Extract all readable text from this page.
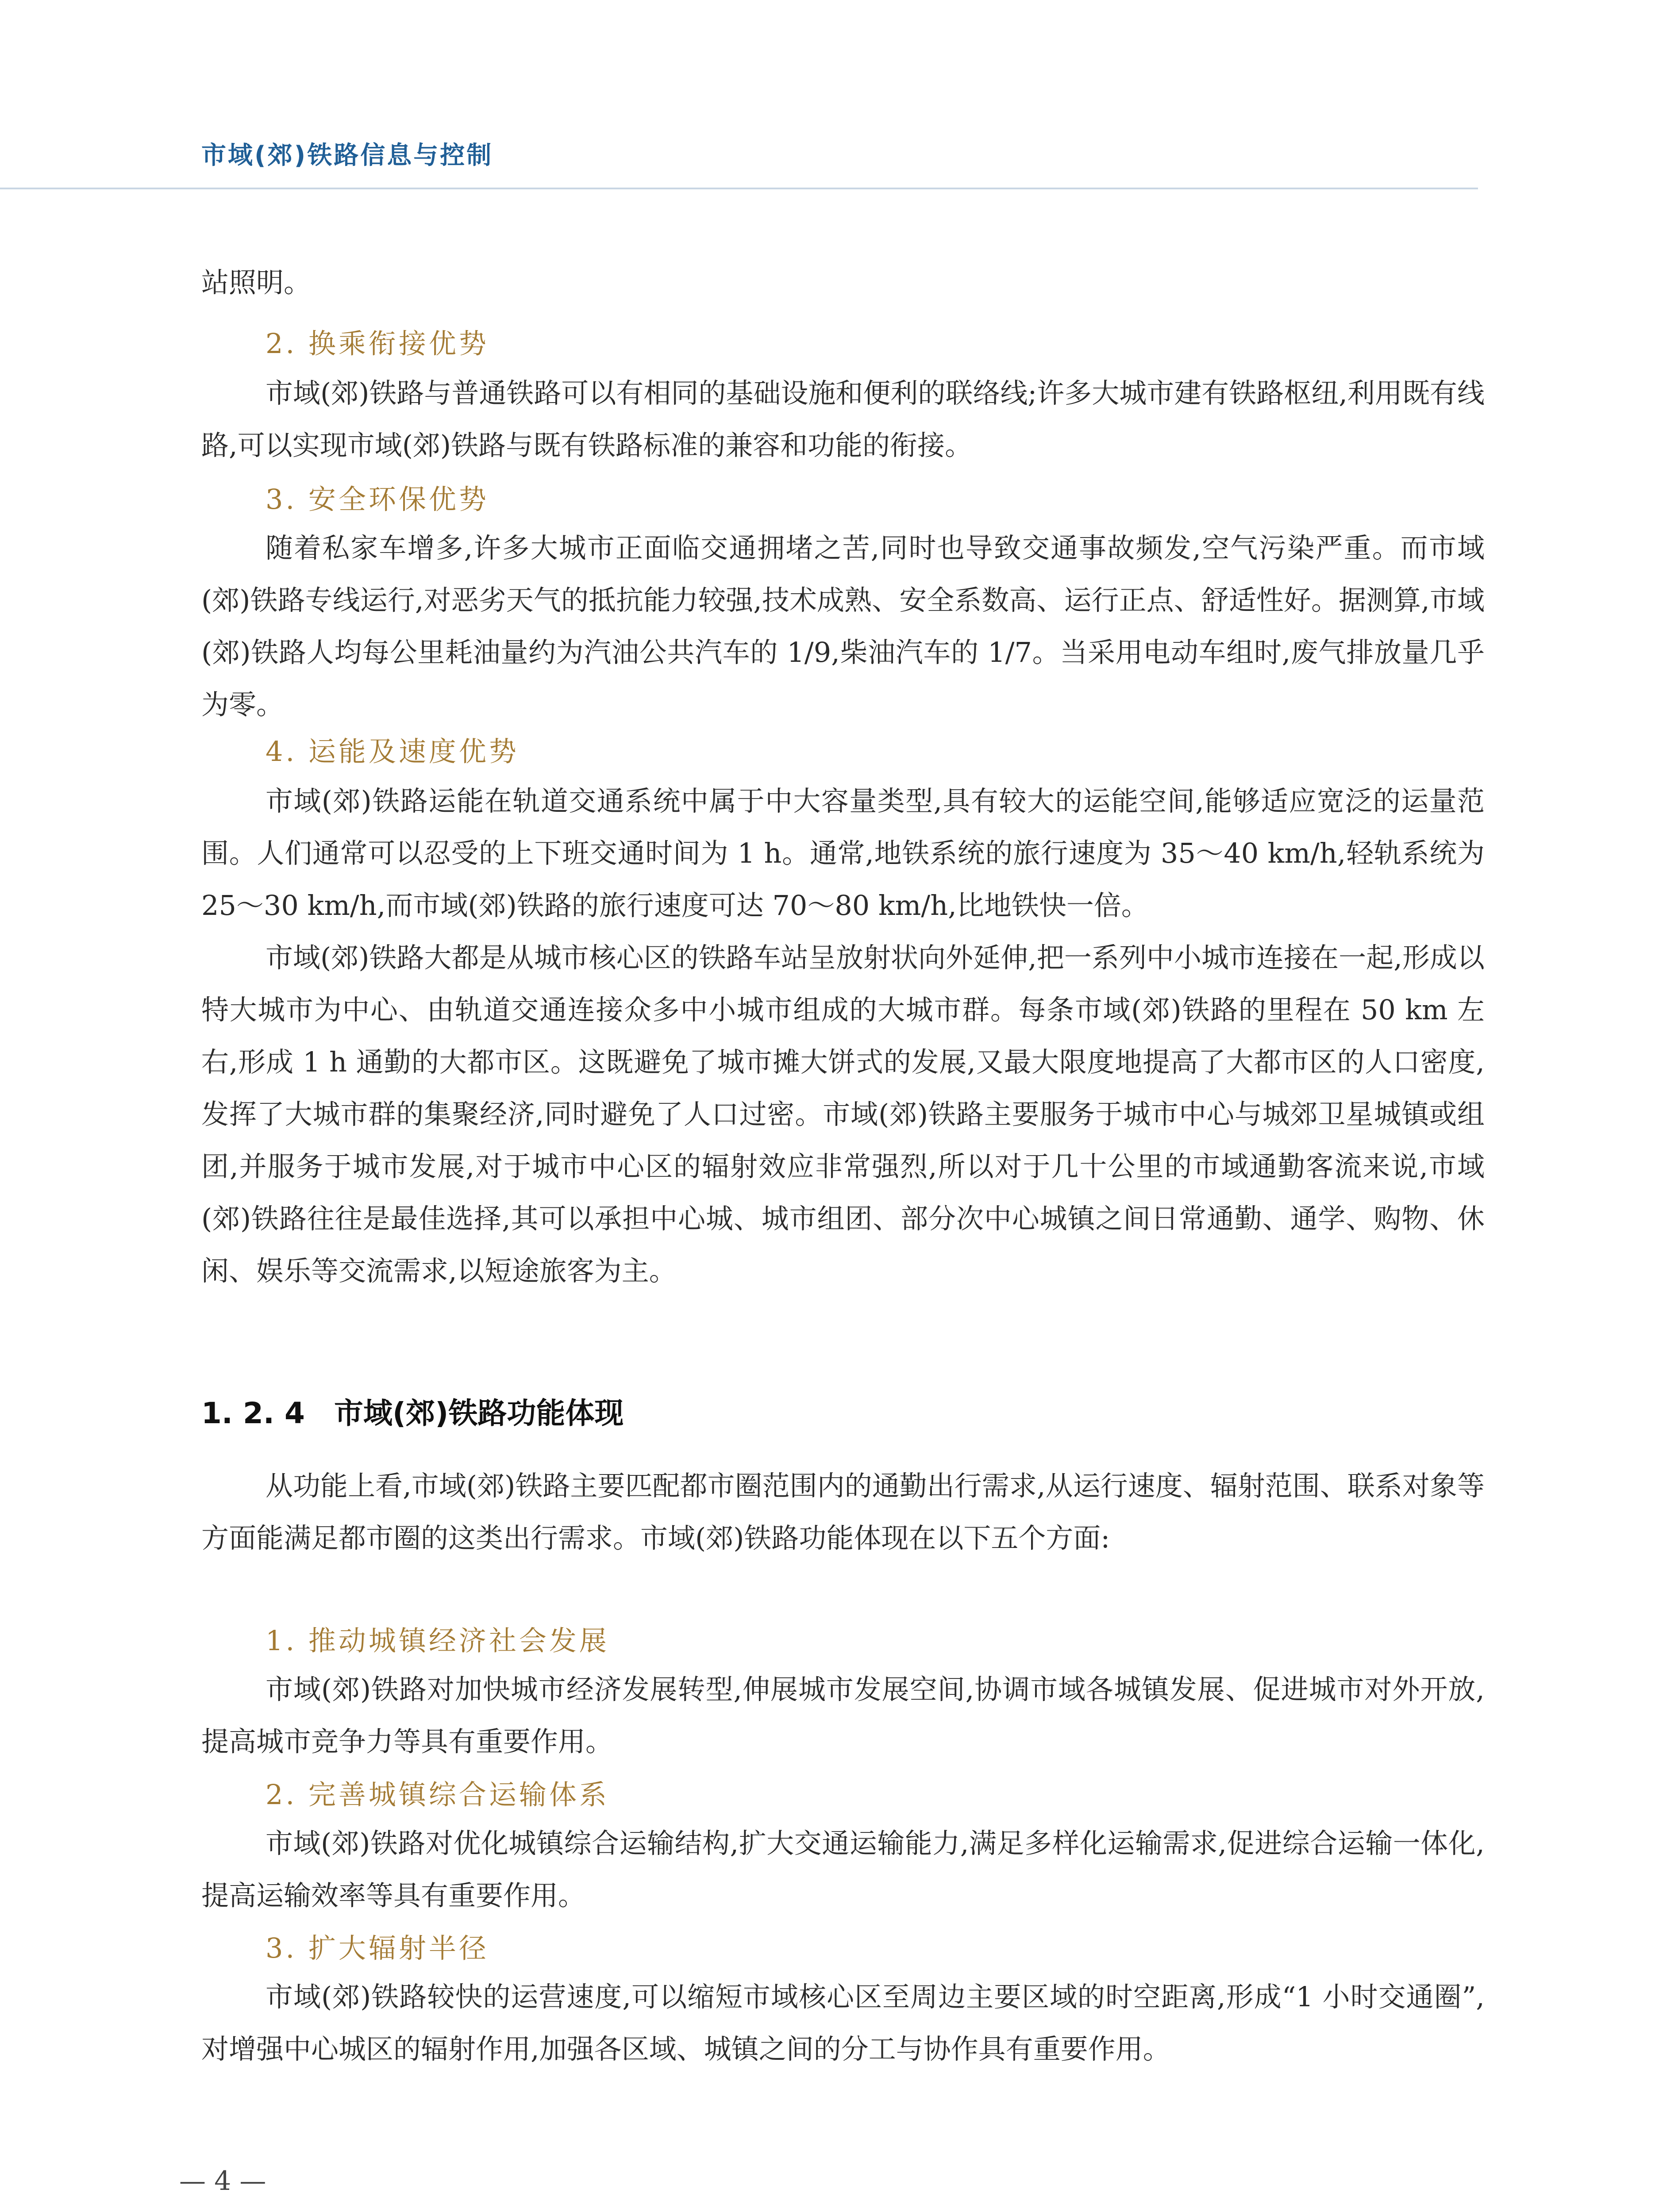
市域(郊)铁路信息与控制

站照明。

2. 换乘衔接优势

市域(郊)铁路与普通铁路可以有相同的基础设施和便利的联络线;许多大城市建有铁路枢纽,利用既有线路,可以实现市域(郊)铁路与既有铁路标准的兼容和功能的衔接。

3. 安全环保优势

随着私家车增多,许多大城市正面临交通拥堵之苦,同时也导致交通事故频发,空气污染严重。而市域(郊)铁路专线运行,对恶劣天气的抵抗能力较强,技术成熟、安全系数高、运行正点、舒适性好。据测算,市域(郊)铁路人均每公里耗油量约为汽油公共汽车的 1/9,柴油汽车的 1/7。当采用电动车组时,废气排放量几乎为零。

4. 运能及速度优势

市域(郊)铁路运能在轨道交通系统中属于中大容量类型,具有较大的运能空间,能够适应宽泛的运量范围。人们通常可以忍受的上下班交通时间为 1 h。通常,地铁系统的旅行速度为 35～40 km/h,轻轨系统为 25～30 km/h,而市域(郊)铁路的旅行速度可达 70～80 km/h,比地铁快一倍。

市域(郊)铁路大都是从城市核心区的铁路车站呈放射状向外延伸,把一系列中小城市连接在一起,形成以特大城市为中心、由轨道交通连接众多中小城市组成的大城市群。每条市域(郊)铁路的里程在 50 km 左右,形成 1 h 通勤的大都市区。这既避免了城市摊大饼式的发展,又最大限度地提高了大都市区的人口密度,发挥了大城市群的集聚经济,同时避免了人口过密。市域(郊)铁路主要服务于城市中心与城郊卫星城镇或组团,并服务于城市发展,对于城市中心区的辐射效应非常强烈,所以对于几十公里的市域通勤客流来说,市域(郊)铁路往往是最佳选择,其可以承担中心城、城市组团、部分次中心城镇之间日常通勤、通学、购物、休闲、娱乐等交流需求,以短途旅客为主。

1. 2. 4 市域(郊)铁路功能体现

从功能上看,市域(郊)铁路主要匹配都市圈范围内的通勤出行需求,从运行速度、辐射范围、联系对象等方面能满足都市圈的这类出行需求。市域(郊)铁路功能体现在以下五个方面:

1. 推动城镇经济社会发展

市域(郊)铁路对加快城市经济发展转型,伸展城市发展空间,协调市域各城镇发展、促进城市对外开放,提高城市竞争力等具有重要作用。

2. 完善城镇综合运输体系

市域(郊)铁路对优化城镇综合运输结构,扩大交通运输能力,满足多样化运输需求,促进综合运输一体化,提高运输效率等具有重要作用。

3. 扩大辐射半径

市域(郊)铁路较快的运营速度,可以缩短市域核心区至周边主要区域的时空距离,形成“1 小时交通圈”,对增强中心城区的辐射作用,加强各区域、城镇之间的分工与协作具有重要作用。

— 4 —
